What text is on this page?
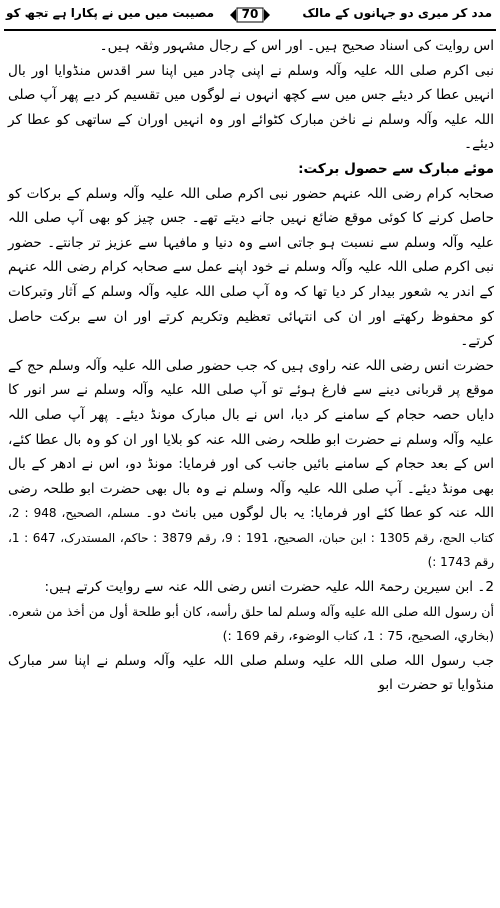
مدد کر میری دو جہانوں کے مالک
70
مصیبت میں میں نے پکارا ہے تجھ کو

اس روایت کی اسناد صحیح ہیں۔ اور اس کے رجال مشہور وثقہ ہیں۔

نبی اکرم صلی اللہ علیہ وآلہ وسلم نے اپنی چادر میں اپنا سر اقدس منڈوایا اور بال انہیں عطا کر دیئے جس میں سے کچھ انہوں نے لوگوں میں تقسیم کر دیے پھر آپ صلی اللہ علیہ وآلہ وسلم نے ناخن مبارک کٹوائے اور وہ انہیں اوران کے ساتھی کو عطا کر دیئے۔

موئے مبارک سے حصول برکت:

صحابہ کرام رضی اللہ عنہم حضور نبی اکرم صلی اللہ علیہ وآلہ وسلم کے برکات کو حاصل کرنے کا کوئی موقع ضائع نہیں جانے دیتے تھے۔ جس چیز کو بھی آپ صلی اللہ علیہ وآلہ وسلم سے نسبت ہو جاتی اسے وہ دنیا و مافیہا سے عزیز تر جانتے۔ حضور نبی اکرم صلی اللہ علیہ وآلہ وسلم نے خود اپنے عمل سے صحابہ کرام رضی اللہ عنہم کے اندر یہ شعور بیدار کر دیا تھا کہ وہ آپ صلی اللہ علیہ وآلہ وسلم کے آثار وتبرکات کو محفوظ رکھتے اور ان کی انتہائی تعظیم وتکریم کرتے اور ان سے برکت حاصل کرتے۔

حضرت انس رضی اللہ عنہ راوی ہیں کہ جب حضور صلی اللہ علیہ وآلہ وسلم حج کے موقع پر قربانی دینے سے فارغ ہوئے تو آپ صلی اللہ علیہ وآلہ وسلم نے سر انور کا دایاں حصہ حجام کے سامنے کر دیا، اس نے بال مبارک مونڈ دیئے۔ پھر آپ صلی اللہ علیہ وآلہ وسلم نے حضرت ابو طلحہ رضی اللہ عنہ کو بلایا اور ان کو وہ بال عطا کئے، اس کے بعد حجام کے سامنے بائیں جانب کی اور فرمایا: مونڈ دو، اس نے ادھر کے بال بھی مونڈ دیئے۔ آپ صلی اللہ علیہ وآلہ وسلم نے وہ بال بھی حضرت ابو طلحہ رضی اللہ عنہ کو عطا کئے اور فرمایا: یہ بال لوگوں میں بانٹ دو۔ مسلم، الصحیح، 948 : 2، کتاب الحج، رقم 1305 : ابن حبان، الصحیح، 191 : 9، رقم 3879 : حاکم، المستدرک، 647 : 1، رقم 1743 :)

2۔ ابن سیرین رحمۃ اللہ علیہ حضرت انس رضی اللہ عنہ سے روایت کرتے ہیں:

أن رسول الله صلى الله عليه وآله وسلم لما حلق رأسه، كان أبو طلحة أول من أخذ من شعره. (بخاري، الصحيح، 75 : 1، كتاب الوضوء، رقم 169 :)

جب رسول اللہ صلی اللہ علیہ وسلم صلی اللہ علیہ وآلہ وسلم نے اپنا سر مبارک منڈوایا تو حضرت ابو
